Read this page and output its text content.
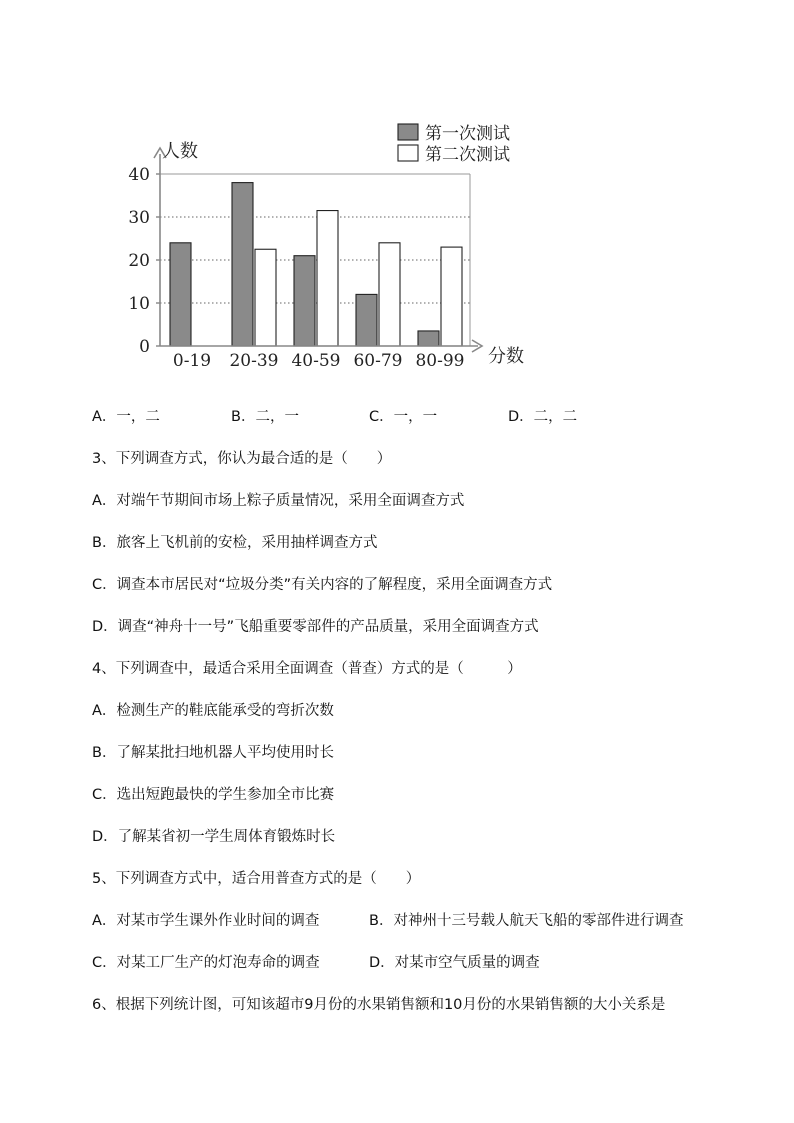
0
10
20
30
40
0-19 20-39 40-59 60-79 80-99
人数
分数
第一次测试
第二次测试
A．一，二	B．二，一	C．一，一	D．二，二
3、下列调查方式，你认为最合适的是（　　）
A．对端午节期间市场上粽子质量情况，采用全面调查方式
B．旅客上飞机前的安检，采用抽样调查方式
C．调查本市居民对“垃圾分类”有关内容的了解程度，采用全面调查方式
D．调查“神舟十一号”飞船重要零部件的产品质量，采用全面调查方式
4、下列调查中，最适合采用全面调查（普查）方式的是（　　　）
A．检测生产的鞋底能承受的弯折次数
B．了解某批扫地机器人平均使用时长
C．选出短跑最快的学生参加全市比赛
D．了解某省初一学生周体育锻炼时长
5、下列调查方式中，适合用普查方式的是（　　）
A．对某市学生课外作业时间的调查	B．对神州十三号载人航天飞船的零部件进行调查
C．对某工厂生产的灯泡寿命的调查	D．对某市空气质量的调查
6、根据下列统计图，可知该超市9月份的水果销售额和10月份的水果销售额的大小关系是
